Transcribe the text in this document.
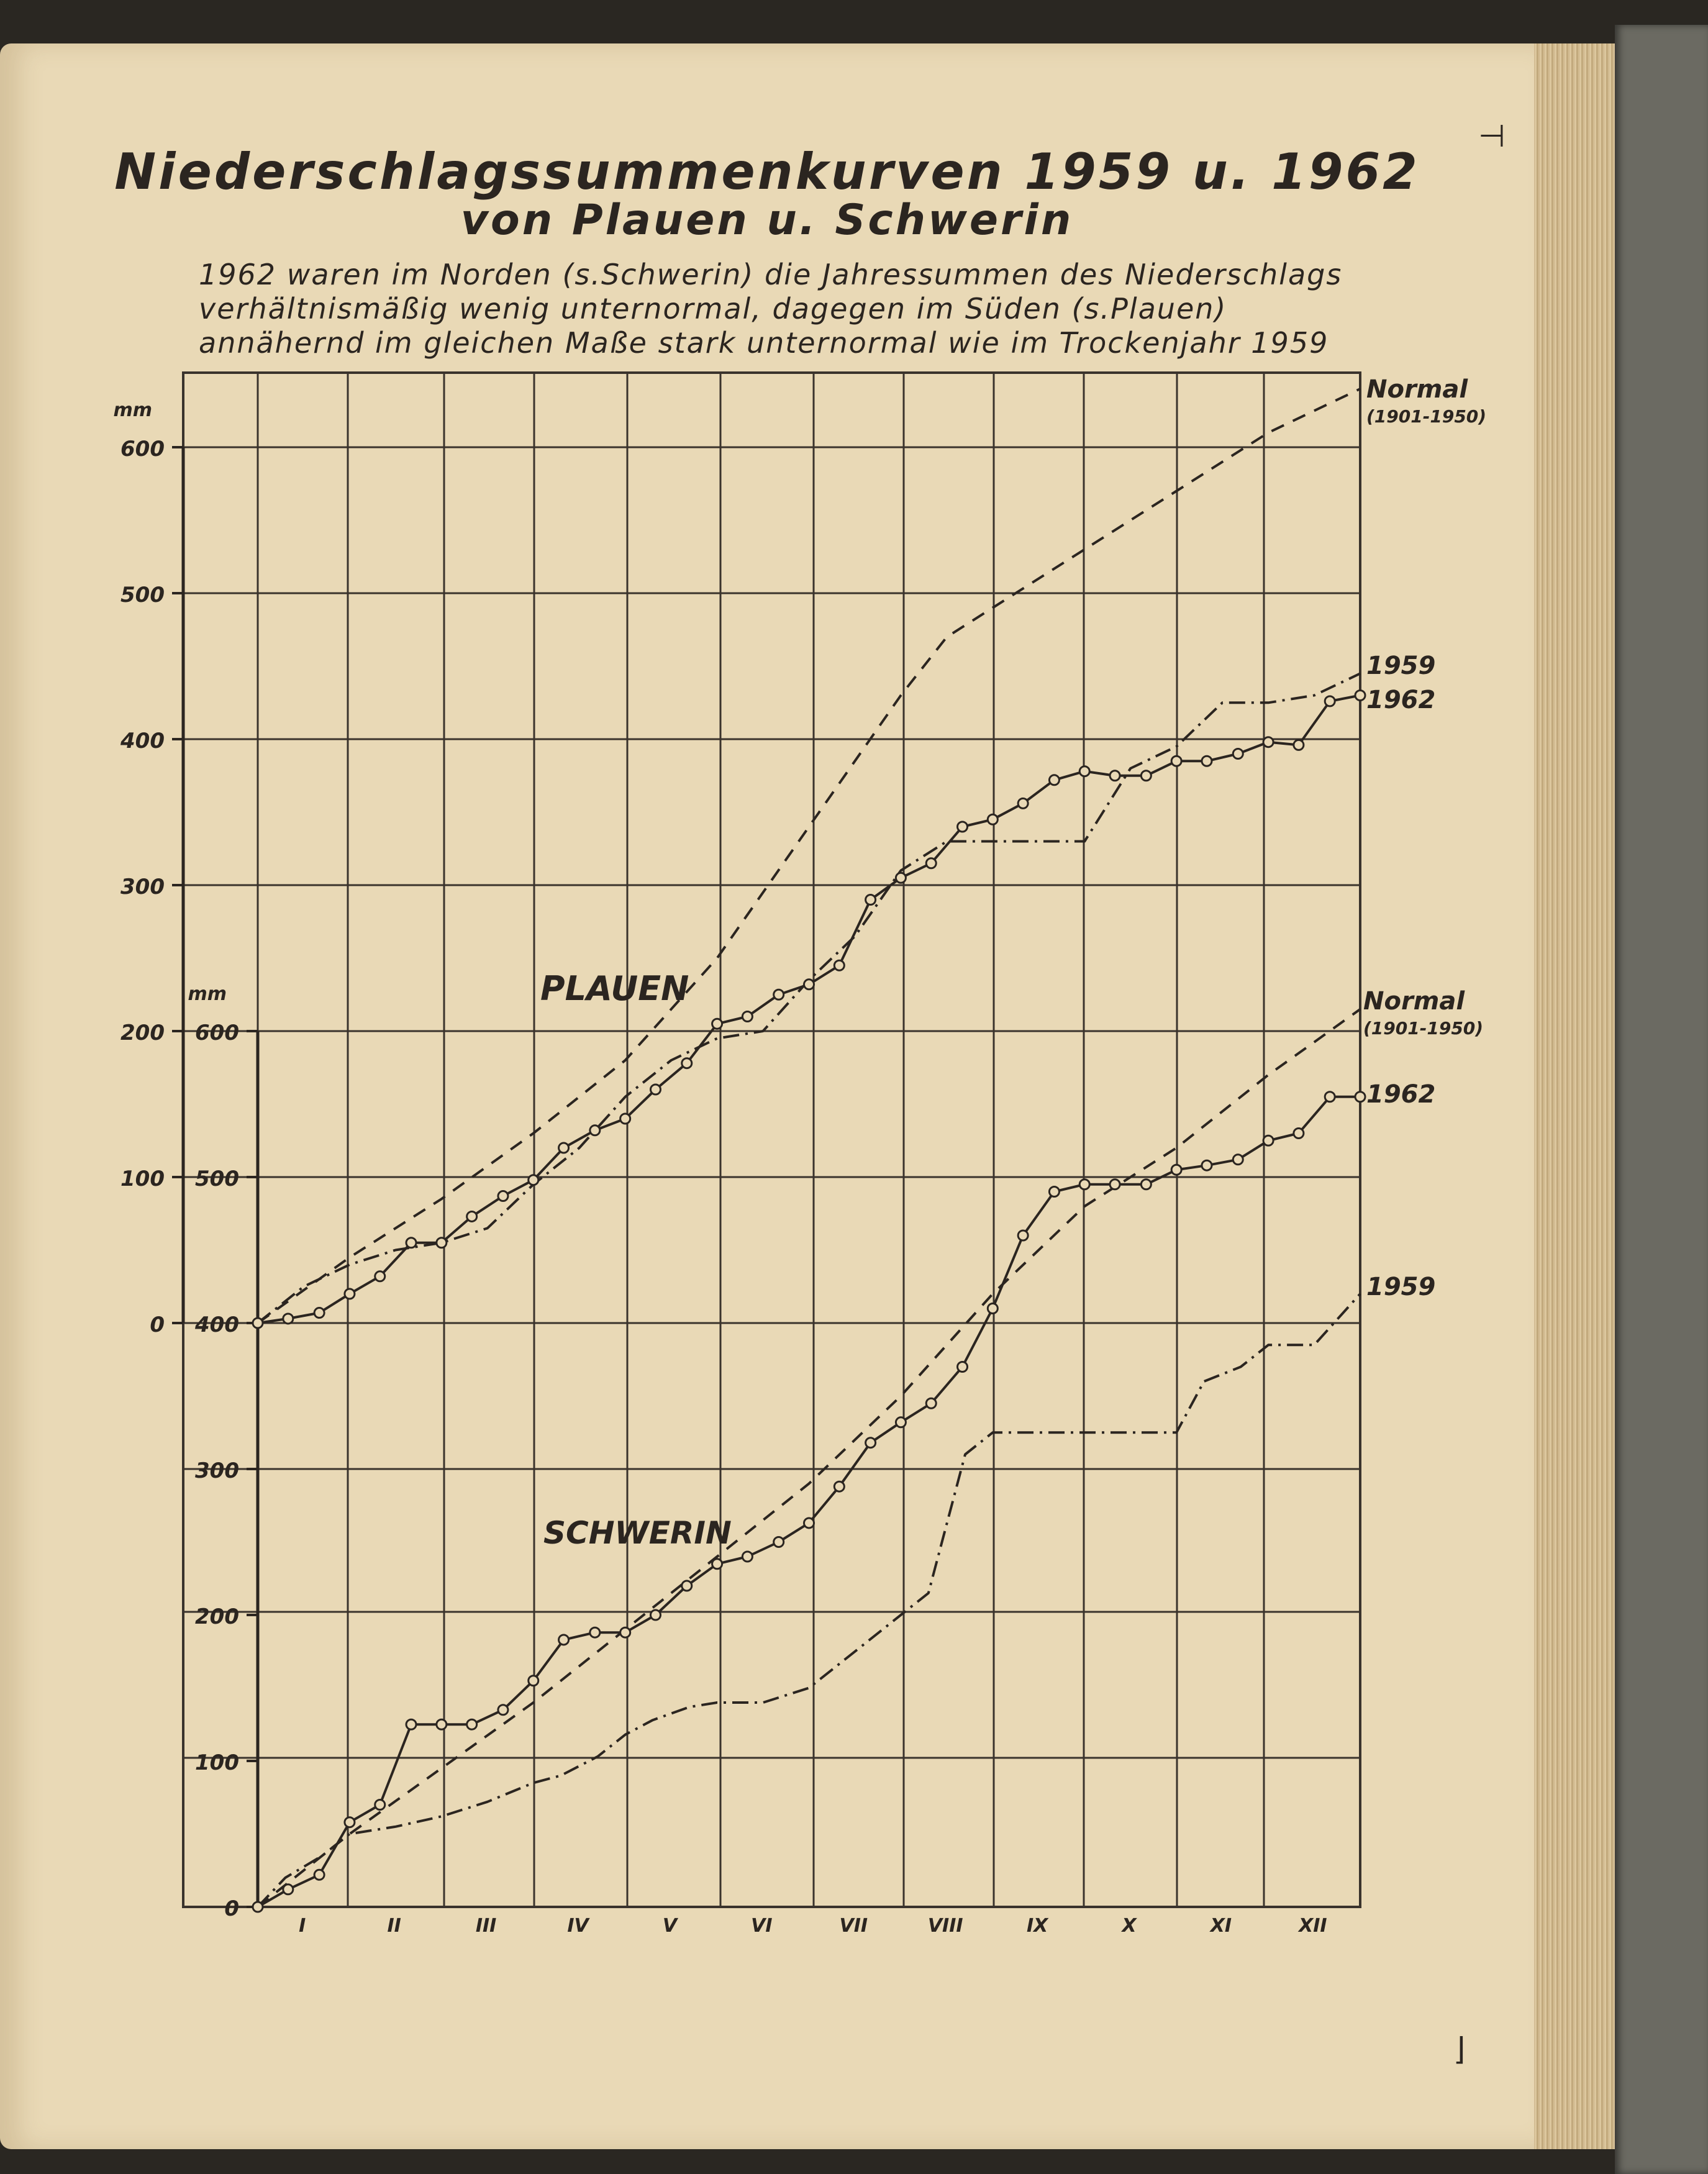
⊣
⌋
Niederschlagssummenkurven 1959 u. 1962
von Plauen u. Schwerin
1962 waren im Norden (s.Schwerin) die Jahressummen des Niederschlags
verhältnismäßig wenig unternormal, dagegen im Süden (s.Plauen)
annähernd im gleichen Maße stark unternormal wie im Trockenjahr 1959
0
100
200
300
400
500
600
mm
0
100
200
300
400
500
600
mm
I	II	III	IV	V	VI	VII	VIII	IX	X	XI	XII
Normal
(1901-1950)
1959
1962
Normal
(1901-1950)
1962
1959
PLAUEN
SCHWERIN
